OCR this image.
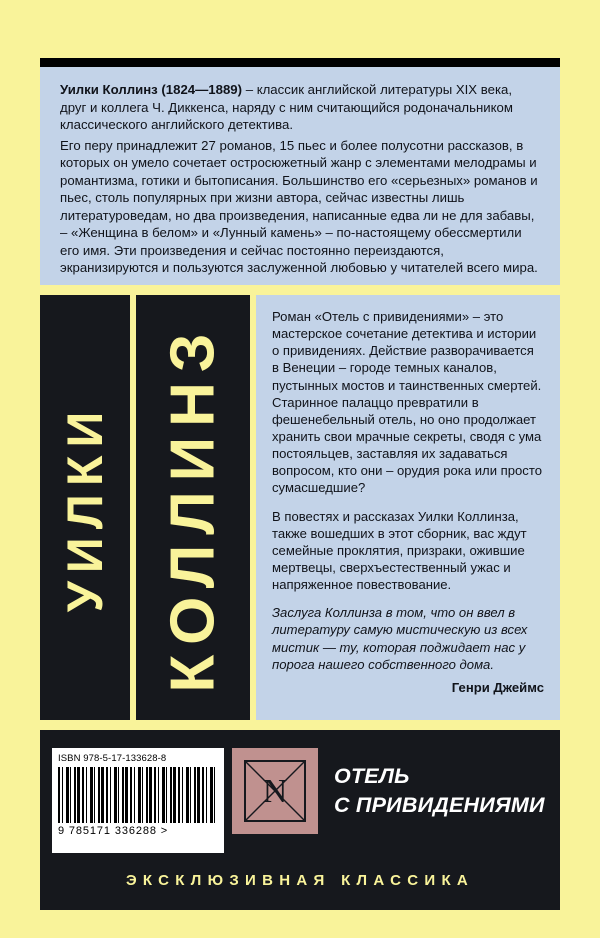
Уилки Коллинз (1824—1889) – классик английской литературы XIX века, друг и коллега Ч. Диккенса, наряду с ним считающийся родоначальником классического английского детектива.

Его перу принадлежит 27 романов, 15 пьес и более полусотни рассказов, в которых он умело сочетает остросюжетный жанр с элементами мелодрамы и романтизма, готики и бытописания. Большинство его «серьезных» романов и пьес, столь популярных при жизни автора, сейчас известны лишь литературоведам, но два произведения, написанные едва ли не для забавы, – «Женщина в белом» и «Лунный камень» – по-настоящему обессмертили его имя. Эти произведения и сейчас постоянно переиздаются, экранизируются и пользуются заслуженной любовью у читателей всего мира.

УИЛКИ КОЛЛИНЗ

Роман «Отель с привидениями» – это мастерское сочетание детектива и истории о привидениях. Действие разворачивается в Венеции – городе темных каналов, пустынных мостов и таинственных смертей. Старинное палаццо превратили в фешенебельный отель, но оно продолжает хранить свои мрачные секреты, сводя с ума постояльцев, заставляя их задаваться вопросом, кто они – орудия рока или просто сумасшедшие?

В повестях и рассказах Уилки Коллинза, также вошедших в этот сборник, вас ждут семейные проклятия, призраки, ожившие мертвецы, сверхъестественный ужас и напряженное повествование.

Заслуга Коллинза в том, что он ввел в литературу самую мистическую из всех мистик — ту, которая поджидает нас у порога нашего собственного дома.

Генри Джеймс

ISBN 978-5-17-133628-8
9 785171 336288 >
N ОТЕЛЬ
С ПРИВИДЕНИЯМИ
ЭКСКЛЮЗИВНАЯ КЛАССИКА
